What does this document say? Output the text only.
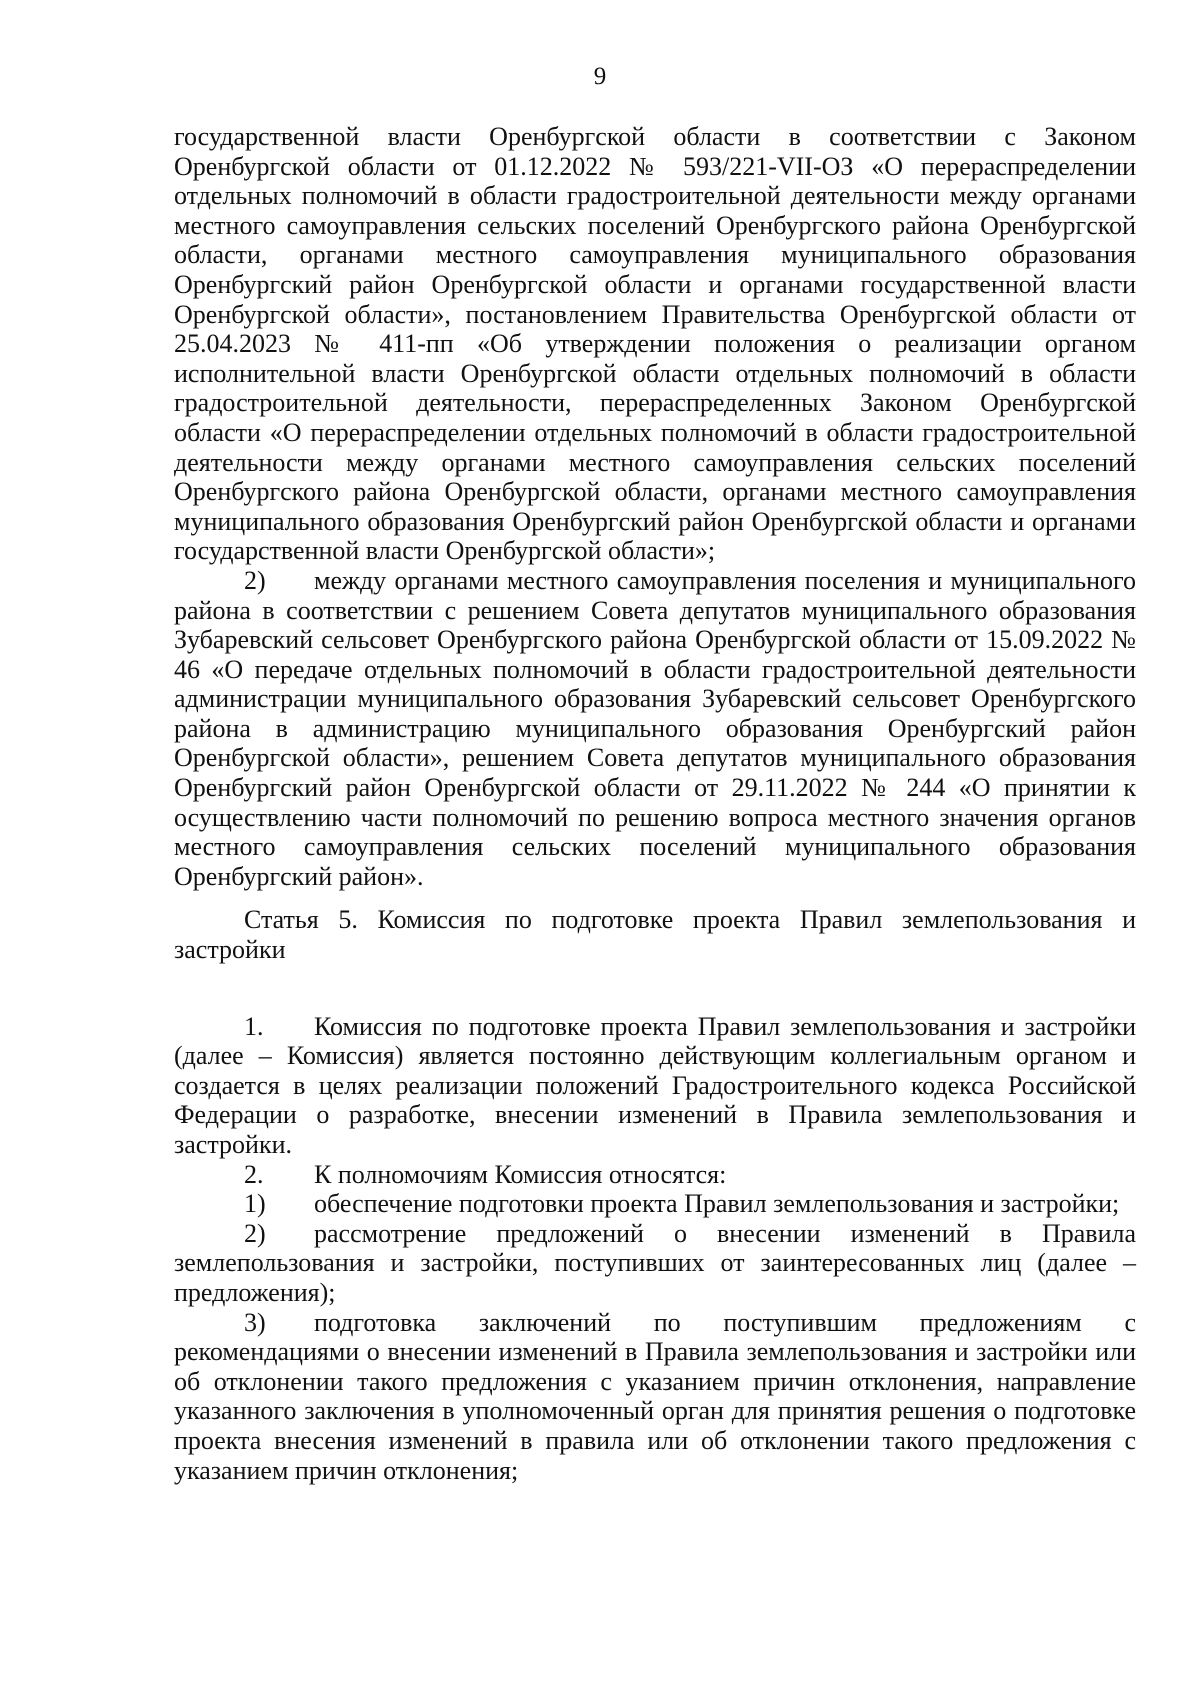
9

государственной власти Оренбургской области в соответствии с Законом Оренбургской области от 01.12.2022 № 593/221-VII-ОЗ «О перераспределении отдельных полномочий в области градостроительной деятельности между органами местного самоуправления сельских поселений Оренбургского района Оренбургской области, органами местного самоуправления муниципального образования Оренбургский район Оренбургской области и органами государственной власти Оренбургской области», постановлением Правительства Оренбургской области от 25.04.2023 № 411-пп «Об утверждении положения о реализации органом исполнительной власти Оренбургской области отдельных полномочий в области градостроительной деятельности, перераспределенных Законом Оренбургской области «О перераспределении отдельных полномочий в области градостроительной деятельности между органами местного самоуправления сельских поселений Оренбургского района Оренбургской области, органами местного самоуправления муниципального образования Оренбургский район Оренбургской области и органами государственной власти Оренбургской области»;

2) между органами местного самоуправления поселения и муниципального района в соответствии с решением Совета депутатов муниципального образования Зубаревский сельсовет Оренбургского района Оренбургской области от 15.09.2022 № 46 «О передаче отдельных полномочий в области градостроительной деятельности администрации муниципального образования Зубаревский сельсовет Оренбургского района в администрацию муниципального образования Оренбургский район Оренбургской области», решением Совета депутатов муниципального образования Оренбургский район Оренбургской области от 29.11.2022 № 244 «О принятии к осуществлению части полномочий по решению вопроса местного значения органов местного самоуправления сельских поселений муниципального образования Оренбургский район».

Статья 5. Комиссия по подготовке проекта Правил землепользования и застройки

1. Комиссия по подготовке проекта Правил землепользования и застройки (далее – Комиссия) является постоянно действующим коллегиальным органом и создается в целях реализации положений Градостроительного кодекса Российской Федерации о разработке, внесении изменений в Правила землепользования и застройки.

2. К полномочиям Комиссия относятся:

1) обеспечение подготовки проекта Правил землепользования и застройки;

2) рассмотрение предложений о внесении изменений в Правила землепользования и застройки, поступивших от заинтересованных лиц (далее – предложения);

3) подготовка заключений по поступившим предложениям с рекомендациями о внесении изменений в Правила землепользования и застройки или об отклонении такого предложения с указанием причин отклонения, направление указанного заключения в уполномоченный орган для принятия решения о подготовке проекта внесения изменений в правила или об отклонении такого предложения с указанием причин отклонения;
